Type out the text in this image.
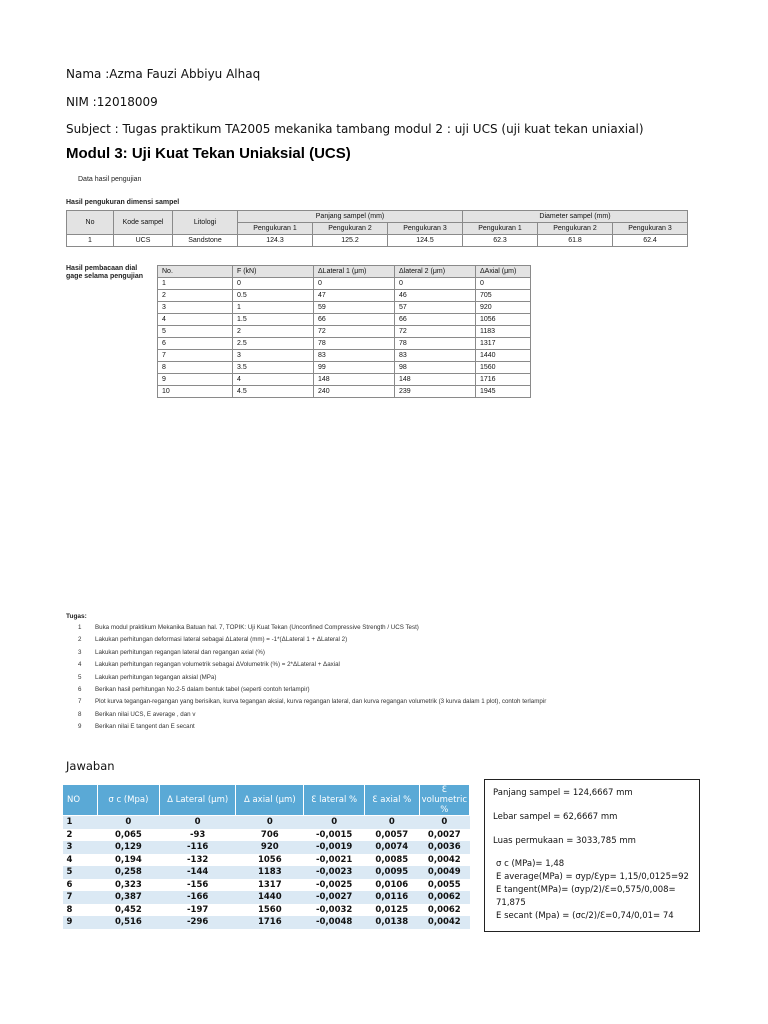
Nama :Azma Fauzi Abbiyu Alhaq
NIM :12018009
Subject : Tugas praktikum TA2005 mekanika tambang modul 2 : uji UCS (uji kuat tekan uniaxial)
Modul 3: Uji Kuat Tekan Uniaksial (UCS)
Data hasil pengujian
Hasil pengukuran dimensi sampel
No	Kode sampel	Litologi	Panjang sampel (mm)			Diameter sampel (mm)		
			Pengukuran 1	Pengukuran 2	Pengukuran 3	Pengukuran 1	Pengukuran 2	Pengukuran 3
1	UCS	Sandstone	124.3	125.2	124.5	62.3	61.8	62.4
Hasil pembacaan dial gage selama pengujian
No.	F (kN)	ΔLateral 1 (μm)	Δlateral 2 (μm)	ΔAxial (μm)
1	0	0	0	0
2	0.5	47	46	705
3	1	59	57	920
4	1.5	66	66	1056
5	2	72	72	1183
6	2.5	78	78	1317
7	3	83	83	1440
8	3.5	99	98	1560
9	4	148	148	1716
10	4.5	240	239	1945
Tugas:
1 Buka modul praktikum Mekanika Batuan hal. 7, TOPIK: Uji Kuat Tekan (Unconfined Compressive Strength / UCS Test)
2 Lakukan perhitungan deformasi lateral sebagai ΔLateral (mm) = -1*(ΔLateral 1 + ΔLateral 2)
3 Lakukan perhitungan regangan lateral dan regangan axial (%)
4 Lakukan perhitungan regangan volumetrik sebagai ΔVolumetrik (%) = 2*ΔLateral + Δaxial
5 Lakukan perhitungan tegangan aksial (MPa)
6 Berikan hasil perhitungan No.2-5 dalam bentuk tabel (seperti contoh terlampir)
7 Plot kurva tegangan-regangan yang berisikan, kurva tegangan aksial, kurva regangan lateral, dan kurva regangan volumetrik (3 kurva dalam 1 plot), contoh terlampir
8 Berikan nilai UCS, E average , dan v
9 Berikan nilai E tangent dan E secant
Jawaban
NO	σ c (Mpa)	Δ Lateral (μm)	Δ axial (μm)	Ɛ lateral %	Ɛ axial %	Ɛ volumetric %
1	0	0	0	0	0	0
2	0,065	-93	706	-0,0015	0,0057	0,0027
3	0,129	-116	920	-0,0019	0,0074	0,0036
4	0,194	-132	1056	-0,0021	0,0085	0,0042
5	0,258	-144	1183	-0,0023	0,0095	0,0049
6	0,323	-156	1317	-0,0025	0,0106	0,0055
7	0,387	-166	1440	-0,0027	0,0116	0,0062
8	0,452	-197	1560	-0,0032	0,0125	0,0062
9	0,516	-296	1716	-0,0048	0,0138	0,0042
Panjang sampel = 124,6667 mm
Lebar sampel = 62,6667 mm
Luas permukaan = 3033,785 mm
σ c (MPa)= 1,48
E average(MPa) = σyp/Ɛyp= 1,15/0,0125=92
E tangent(MPa)= (σyp/2)/Ɛ=0,575/0,008=
71,875
E secant (Mpa) = (σc/2)/Ɛ=0,74/0,01= 74
